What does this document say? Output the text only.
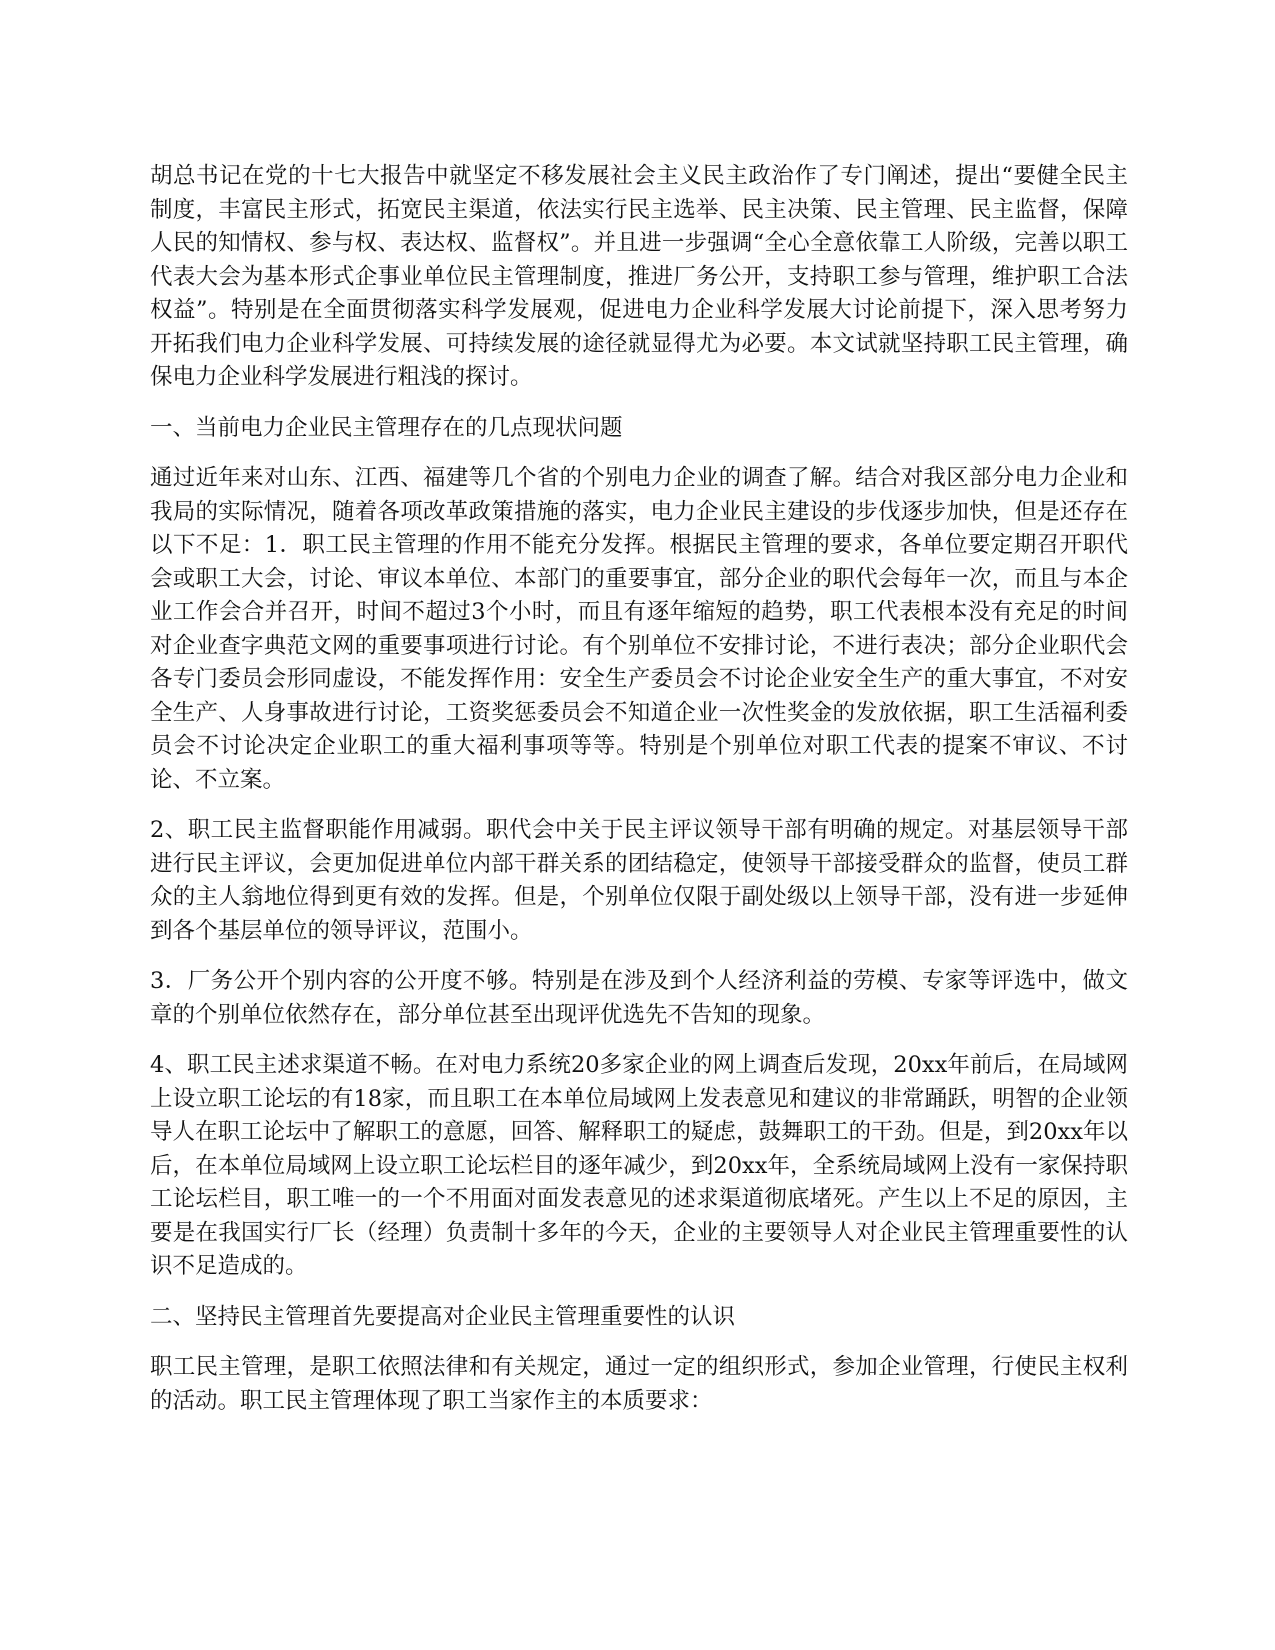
胡总书记在党的十七大报告中就坚定不移发展社会主义民主政治作了专门阐述，提出“要健全民主制度，丰富民主形式，拓宽民主渠道，依法实行民主选举、民主决策、民主管理、民主监督，保障人民的知情权、参与权、表达权、监督权”。并且进一步强调“全心全意依靠工人阶级，完善以职工代表大会为基本形式企事业单位民主管理制度，推进厂务公开，支持职工参与管理，维护职工合法权益”。特别是在全面贯彻落实科学发展观，促进电力企业科学发展大讨论前提下，深入思考努力开拓我们电力企业科学发展、可持续发展的途径就显得尤为必要。本文试就坚持职工民主管理，确保电力企业科学发展进行粗浅的探讨。

一、当前电力企业民主管理存在的几点现状问题

通过近年来对山东、江西、福建等几个省的个别电力企业的调查了解。结合对我区部分电力企业和我局的实际情况，随着各项改革政策措施的落实，电力企业民主建设的步伐逐步加快，但是还存在以下不足：1．职工民主管理的作用不能充分发挥。根据民主管理的要求，各单位要定期召开职代会或职工大会，讨论、审议本单位、本部门的重要事宜，部分企业的职代会每年一次，而且与本企业工作会合并召开，时间不超过3个小时，而且有逐年缩短的趋势，职工代表根本没有充足的时间对企业查字典范文网的重要事项进行讨论。有个别单位不安排讨论，不进行表决；部分企业职代会各专门委员会形同虚设，不能发挥作用：安全生产委员会不讨论企业安全生产的重大事宜，不对安全生产、人身事故进行讨论，工资奖惩委员会不知道企业一次性奖金的发放依据，职工生活福利委员会不讨论决定企业职工的重大福利事项等等。特别是个别单位对职工代表的提案不审议、不讨论、不立案。

2、职工民主监督职能作用减弱。职代会中关于民主评议领导干部有明确的规定。对基层领导干部进行民主评议，会更加促进单位内部干群关系的团结稳定，使领导干部接受群众的监督，使员工群众的主人翁地位得到更有效的发挥。但是，个别单位仅限于副处级以上领导干部，没有进一步延伸到各个基层单位的领导评议，范围小。

3．厂务公开个别内容的公开度不够。特别是在涉及到个人经济利益的劳模、专家等评选中，做文章的个别单位依然存在，部分单位甚至出现评优选先不告知的现象。

4、职工民主述求渠道不畅。在对电力系统20多家企业的网上调查后发现，20xx年前后，在局域网上设立职工论坛的有18家，而且职工在本单位局域网上发表意见和建议的非常踊跃，明智的企业领导人在职工论坛中了解职工的意愿，回答、解释职工的疑虑，鼓舞职工的干劲。但是，到20xx年以后，在本单位局域网上设立职工论坛栏目的逐年减少，到20xx年，全系统局域网上没有一家保持职工论坛栏目，职工唯一的一个不用面对面发表意见的述求渠道彻底堵死。产生以上不足的原因，主要是在我国实行厂长（经理）负责制十多年的今天，企业的主要领导人对企业民主管理重要性的认识不足造成的。

二、坚持民主管理首先要提高对企业民主管理重要性的认识

职工民主管理，是职工依照法律和有关规定，通过一定的组织形式，参加企业管理，行使民主权利的活动。职工民主管理体现了职工当家作主的本质要求：
